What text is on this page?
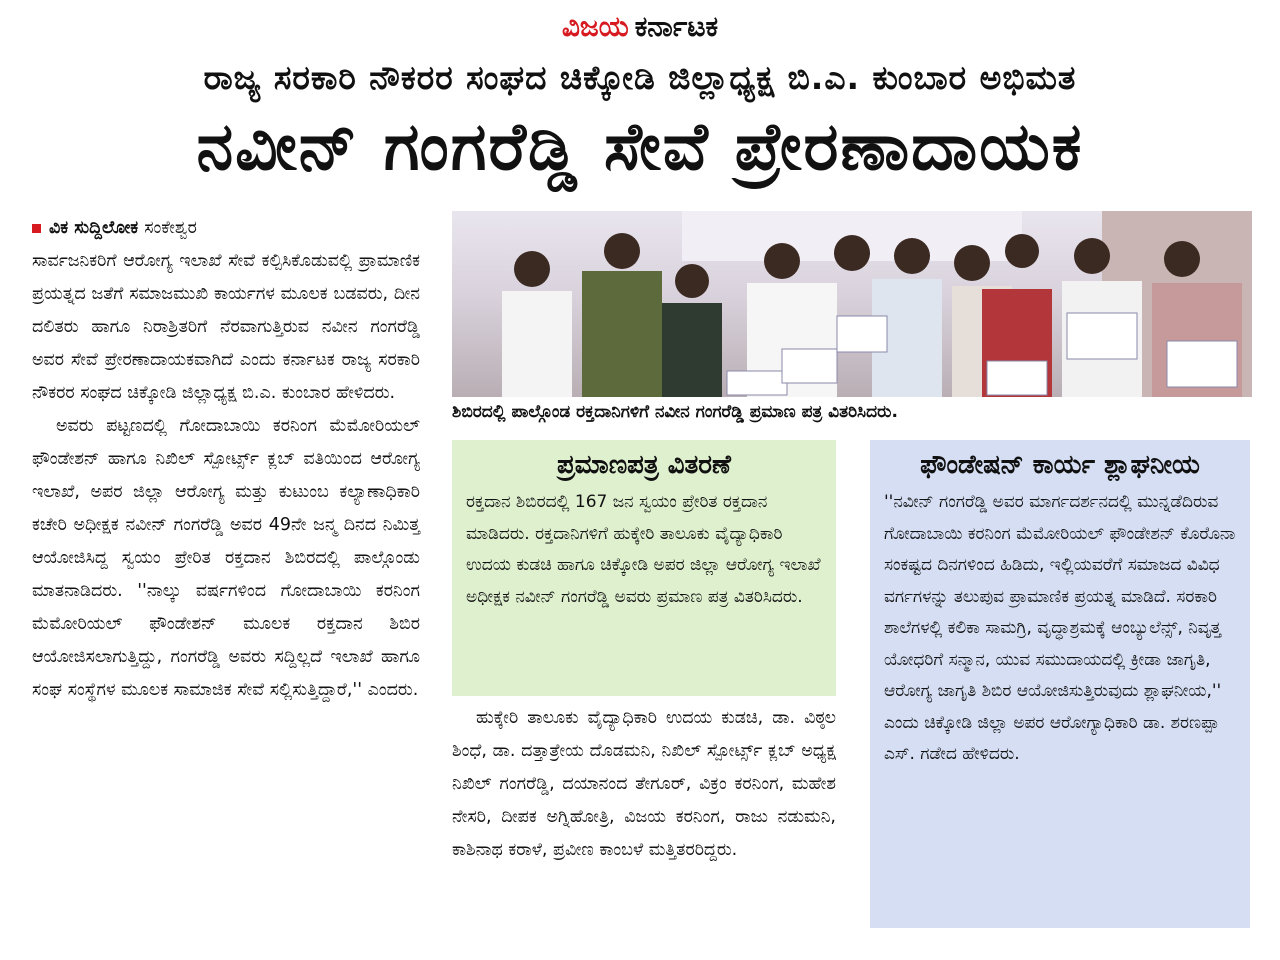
ವಿಜಯ ಕರ್ನಾಟಕ
ರಾಜ್ಯ ಸರಕಾರಿ ನೌಕರರ ಸಂಘದ ಚಿಕ್ಕೋಡಿ ಜಿಲ್ಲಾಧ್ಯಕ್ಷ ಬಿ.ಎ. ಕುಂಬಾರ ಅಭಿಮತ
ನವೀನ್ ಗಂಗರೆಡ್ಡಿ ಸೇವೆ ಪ್ರೇರಣಾದಾಯಕ
ವಿಕ ಸುದ್ದಿಲೋಕ ಸಂಕೇಶ್ವರ

ಸಾರ್ವಜನಿಕರಿಗೆ ಆರೋಗ್ಯ ಇಲಾಖೆ ಸೇವೆ ಕಲ್ಪಿಸಿಕೊಡುವಲ್ಲಿ ಪ್ರಾಮಾಣಿಕ ಪ್ರಯತ್ನದ ಜತೆಗೆ ಸಮಾಜಮುಖಿ ಕಾರ್ಯಗಳ ಮೂಲಕ ಬಡವರು, ದೀನ ದಲಿತರು ಹಾಗೂ ನಿರಾಶ್ರಿತರಿಗೆ ನೆರವಾಗುತ್ತಿರುವ ನವೀನ ಗಂಗರೆಡ್ಡಿ ಅವರ ಸೇವೆ ಪ್ರೇರಣಾದಾಯಕವಾಗಿದೆ ಎಂದು ಕರ್ನಾಟಕ ರಾಜ್ಯ ಸರಕಾರಿ ನೌಕರರ ಸಂಘದ ಚಿಕ್ಕೋಡಿ ಜಿಲ್ಲಾಧ್ಯಕ್ಷ ಬಿ.ಎ. ಕುಂಬಾರ ಹೇಳಿದರು.

ಅವರು ಪಟ್ಟಣದಲ್ಲಿ ಗೋದಾಬಾಯಿ ಕರನಿಂಗ ಮೆಮೋರಿಯಲ್ ಫೌಂಡೇಶನ್ ಹಾಗೂ ನಿಖಿಲ್ ಸ್ಪೋರ್ಟ್ಸ್ ಕ್ಲಬ್ ವತಿಯಿಂದ ಆರೋಗ್ಯ ಇಲಾಖೆ, ಅಪರ ಜಿಲ್ಲಾ ಆರೋಗ್ಯ ಮತ್ತು ಕುಟುಂಬ ಕಲ್ಯಾಣಾಧಿಕಾರಿ ಕಚೇರಿ ಅಧೀಕ್ಷಕ ನವೀನ್ ಗಂಗರೆಡ್ಡಿ ಅವರ 49ನೇ ಜನ್ಮ ದಿನದ ನಿಮಿತ್ತ ಆಯೋಜಿಸಿದ್ದ ಸ್ವಯಂ ಪ್ರೇರಿತ ರಕ್ತದಾನ ಶಿಬಿರದಲ್ಲಿ ಪಾಲ್ಗೊಂಡು ಮಾತನಾಡಿದರು. ''ನಾಲ್ಕು ವರ್ಷಗಳಿಂದ ಗೋದಾಬಾಯಿ ಕರನಿಂಗ ಮೆಮೋರಿಯಲ್ ಫೌಂಡೇಶನ್ ಮೂಲಕ ರಕ್ತದಾನ ಶಿಬಿರ ಆಯೋಜಿಸಲಾಗುತ್ತಿದ್ದು, ಗಂಗರೆಡ್ಡಿ ಅವರು ಸದ್ದಿಲ್ಲದೆ ಇಲಾಖೆ ಹಾಗೂ ಸಂಘ ಸಂಸ್ಥೆಗಳ ಮೂಲಕ ಸಾಮಾಜಿಕ ಸೇವೆ ಸಲ್ಲಿಸುತ್ತಿದ್ದಾರೆ,'' ಎಂದರು.

ಶಿಬಿರದಲ್ಲಿ ಪಾಲ್ಗೊಂಡ ರಕ್ತದಾನಿಗಳಿಗೆ ನವೀನ ಗಂಗರೆಡ್ಡಿ ಪ್ರಮಾಣ ಪತ್ರ ವಿತರಿಸಿದರು.
ಪ್ರಮಾಣಪತ್ರ ವಿತರಣೆ

ರಕ್ತದಾನ ಶಿಬಿರದಲ್ಲಿ 167 ಜನ ಸ್ವಯಂ ಪ್ರೇರಿತ ರಕ್ತದಾನ ಮಾಡಿದರು. ರಕ್ತದಾನಿಗಳಿಗೆ ಹುಕ್ಕೇರಿ ತಾಲೂಕು ವೈದ್ಯಾಧಿಕಾರಿ ಉದಯ ಕುಡಚಿ ಹಾಗೂ ಚಿಕ್ಕೋಡಿ ಅಪರ ಜಿಲ್ಲಾ ಆರೋಗ್ಯ ಇಲಾಖೆ ಅಧೀಕ್ಷಕ ನವೀನ್ ಗಂಗರೆಡ್ಡಿ ಅವರು ಪ್ರಮಾಣ ಪತ್ರ ವಿತರಿಸಿದರು.

ಹುಕ್ಕೇರಿ ತಾಲೂಕು ವೈದ್ಯಾಧಿಕಾರಿ ಉದಯ ಕುಡಚಿ, ಡಾ. ವಿಠ್ಠಲ ಶಿಂಧೆ, ಡಾ. ದತ್ತಾತ್ರೇಯ ದೊಡಮನಿ, ನಿಖಿಲ್ ಸ್ಪೋರ್ಟ್ಸ್ ಕ್ಲಬ್ ಅಧ್ಯಕ್ಷ ನಿಖಿಲ್ ಗಂಗರೆಡ್ಡಿ, ದಯಾನಂದ ತೇಗೂರ್, ವಿಕ್ರಂ ಕರನಿಂಗ, ಮಹೇಶ ನೇಸರಿ, ದೀಪಕ ಅಗ್ನಿಹೋತ್ರಿ, ವಿಜಯ ಕರನಿಂಗ, ರಾಜು ನಡುಮನಿ, ಕಾಶಿನಾಥ ಕರಾಳೆ, ಪ್ರವೀಣ ಕಾಂಬಳೆ ಮತ್ತಿತರರಿದ್ದರು.

ಫೌಂಡೇಷನ್ ಕಾರ್ಯ ಶ್ಲಾಘನೀಯ

''ನವೀನ್ ಗಂಗರೆಡ್ಡಿ ಅವರ ಮಾರ್ಗದರ್ಶನದಲ್ಲಿ ಮುನ್ನಡೆದಿರುವ ಗೋದಾಬಾಯಿ ಕರನಿಂಗ ಮೆಮೋರಿಯಲ್ ಫೌಂಡೇಶನ್ ಕೊರೊನಾ ಸಂಕಷ್ಟದ ದಿನಗಳಿಂದ ಹಿಡಿದು, ಇಲ್ಲಿಯವರೆಗೆ ಸಮಾಜದ ವಿವಿಧ ವರ್ಗಗಳನ್ನು ತಲುಪುವ ಪ್ರಾಮಾಣಿಕ ಪ್ರಯತ್ನ ಮಾಡಿದೆ. ಸರಕಾರಿ ಶಾಲೆಗಳಲ್ಲಿ ಕಲಿಕಾ ಸಾಮಗ್ರಿ, ವೃದ್ಧಾಶ್ರಮಕ್ಕೆ ಆಂಬ್ಯುಲೆನ್ಸ್, ನಿವೃತ್ತ ಯೋಧರಿಗೆ ಸನ್ಮಾನ, ಯುವ ಸಮುದಾಯದಲ್ಲಿ ಕ್ರೀಡಾ ಜಾಗೃತಿ, ಆರೋಗ್ಯ ಜಾಗೃತಿ ಶಿಬಿರ ಆಯೋಜಿಸುತ್ತಿರುವುದು ಶ್ಲಾಘನೀಯ,'' ಎಂದು ಚಿಕ್ಕೋಡಿ ಜಿಲ್ಲಾ ಅಪರ ಆರೋಗ್ಯಾಧಿಕಾರಿ ಡಾ. ಶರಣಪ್ಪಾ ಎಸ್. ಗಡೇದ ಹೇಳಿದರು.
